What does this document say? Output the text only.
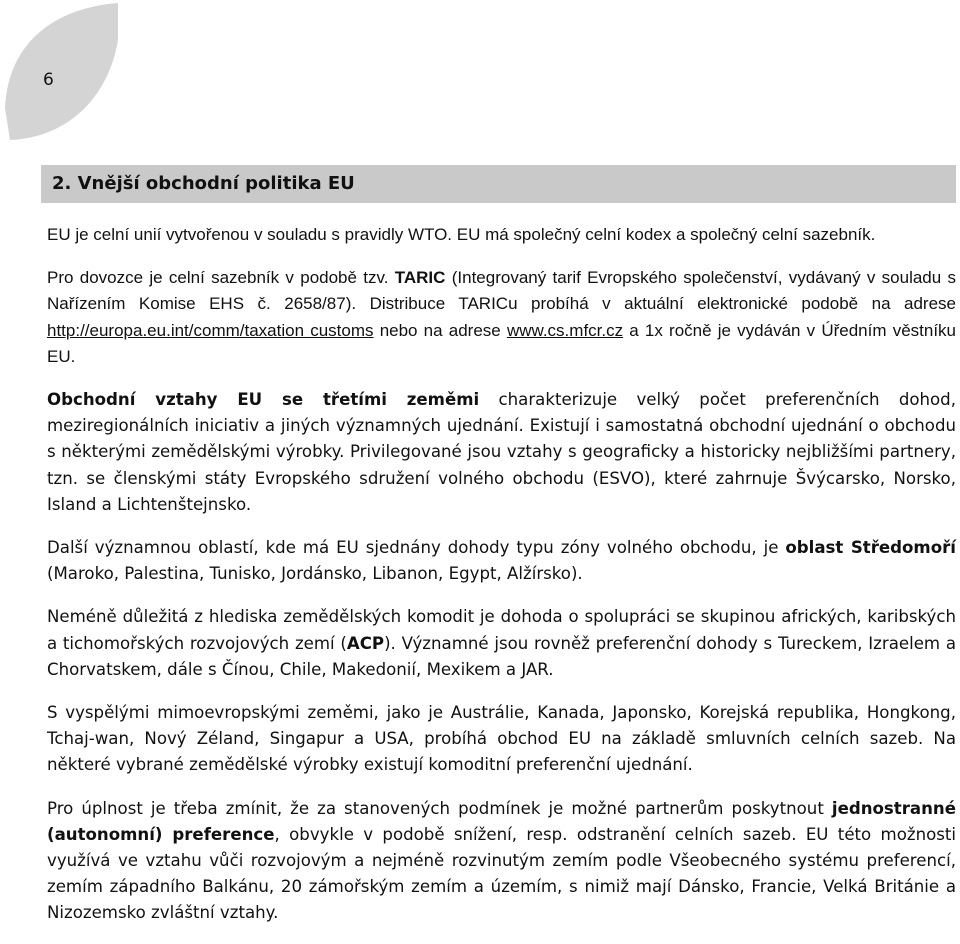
6
2. Vnější obchodní politika EU

EU je celní unií vytvořenou v souladu s pravidly WTO. EU má společný celní kodex a společný celní sazebník.

Pro dovozce je celní sazebník v podobě tzv. TARIC (Integrovaný tarif Evropského společenství, vydávaný v souladu s Nařízením Komise EHS č. 2658/87). Distribuce TARICu probíhá v aktuální elektronické podobě na adrese http://europa.eu.int/comm/taxation customs nebo na adrese www.cs.mfcr.cz a 1x ročně je vydáván v Úředním věstníku EU.

Obchodní vztahy EU se třetími zeměmi charakterizuje velký počet preferenčních dohod, meziregionálních iniciativ a jiných významných ujednání. Existují i samostatná obchodní ujednání o obchodu s některými zemědělskými výrobky. Privilegované jsou vztahy s geograficky a historicky nejbližšími partnery, tzn. se členskými státy Evropského sdružení volného obchodu (ESVO), které zahrnuje Švýcarsko, Norsko, Island a Lichtenštejnsko.

Další významnou oblastí, kde má EU sjednány dohody typu zóny volného obchodu, je oblast Středomoří (Maroko, Palestina, Tunisko, Jordánsko, Libanon, Egypt, Alžírsko).

Neméně důležitá z hlediska zemědělských komodit je dohoda o spolupráci se skupinou afrických, karibských a tichomořských rozvojových zemí (ACP). Významné jsou rovněž preferenční dohody s Tureckem, Izraelem a Chorvatskem, dále s Čínou, Chile, Makedonií, Mexikem a JAR.

S vyspělými mimoevropskými zeměmi, jako je Austrálie, Kanada, Japonsko, Korejská republika, Hongkong, Tchaj-wan, Nový Zéland, Singapur a USA, probíhá obchod EU na základě smluvních celních sazeb. Na některé vybrané zemědělské výrobky existují komoditní preferenční ujednání.

Pro úplnost je třeba zmínit, že za stanovených podmínek je možné partnerům poskytnout jednostranné (autonomní) preference, obvykle v podobě snížení, resp. odstranění celních sazeb. EU této možnosti využívá ve vztahu vůči rozvojovým a nejméně rozvinutým zemím podle Všeobecného systému preferencí, zemím západního Balkánu, 20 zámořským zemím a územím, s nimiž mají Dánsko, Francie, Velká Británie a Nizozemsko zvláštní vztahy.
